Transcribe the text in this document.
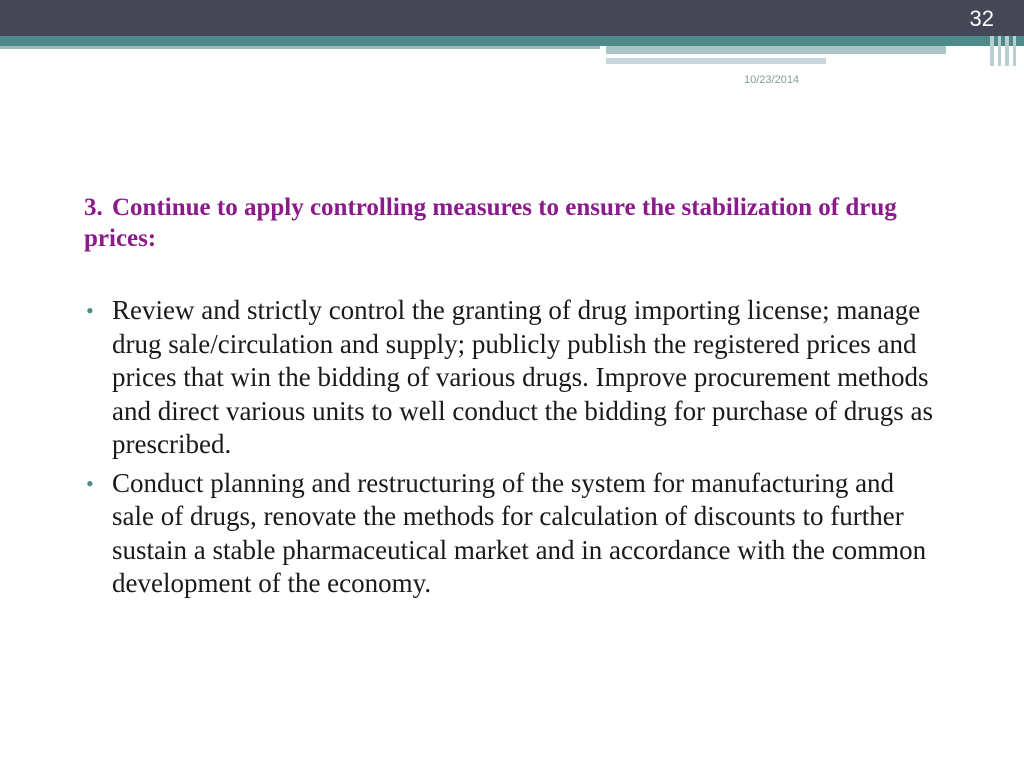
32
10/23/2014

3. Continue to apply controlling measures to ensure the stabilization of drug prices:

• Review and strictly control the granting of drug importing license; manage drug sale/circulation and supply; publicly publish the registered prices and prices that win the bidding of various drugs. Improve procurement methods and direct various units to well conduct the bidding for purchase of drugs as prescribed.
• Conduct planning and restructuring of the system for manufacturing and sale of drugs, renovate the methods for calculation of discounts to further sustain a stable pharmaceutical market and in accordance with the common development of the economy.
